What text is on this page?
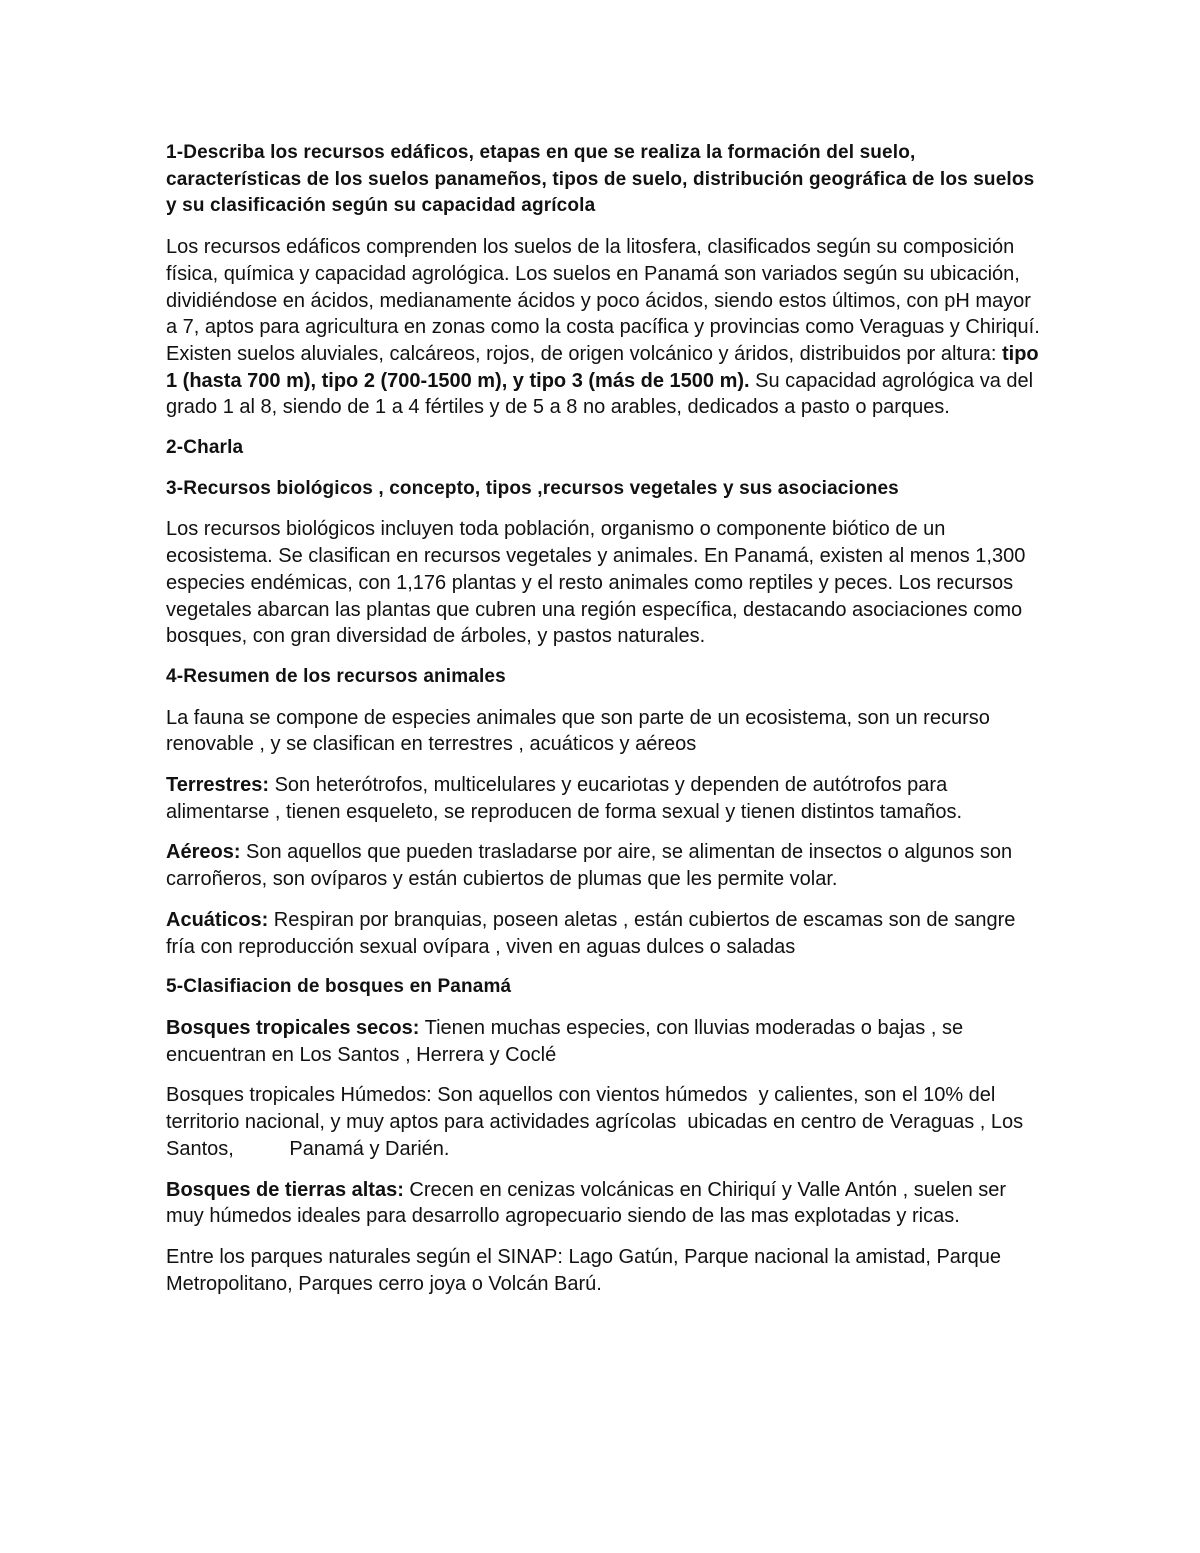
1-Describa los recursos edáficos, etapas en que se realiza la formación del suelo, características de los suelos panameños, tipos de suelo, distribución geográfica de los suelos y su clasificación según su capacidad agrícola

Los recursos edáficos comprenden los suelos de la litosfera, clasificados según su composición física, química y capacidad agrológica. Los suelos en Panamá son variados según su ubicación, dividiéndose en ácidos, medianamente ácidos y poco ácidos, siendo estos últimos, con pH mayor a 7, aptos para agricultura en zonas como la costa pacífica y provincias como Veraguas y Chiriquí. Existen suelos aluviales, calcáreos, rojos, de origen volcánico y áridos, distribuidos por altura: tipo 1 (hasta 700 m), tipo 2 (700-1500 m), y tipo 3 (más de 1500 m). Su capacidad agrológica va del grado 1 al 8, siendo de 1 a 4 fértiles y de 5 a 8 no arables, dedicados a pasto o parques.

2-Charla

3-Recursos biológicos , concepto, tipos ,recursos vegetales y sus asociaciones

Los recursos biológicos incluyen toda población, organismo o componente biótico de un ecosistema. Se clasifican en recursos vegetales y animales. En Panamá, existen al menos 1,300 especies endémicas, con 1,176 plantas y el resto animales como reptiles y peces. Los recursos vegetales abarcan las plantas que cubren una región específica, destacando asociaciones como bosques, con gran diversidad de árboles, y pastos naturales.

4-Resumen de los recursos animales

La fauna se compone de especies animales que son parte de un ecosistema, son un recurso renovable , y se clasifican en terrestres , acuáticos y aéreos

Terrestres: Son heterótrofos, multicelulares y eucariotas y dependen de autótrofos para alimentarse , tienen esqueleto, se reproducen de forma sexual y tienen distintos tamaños.

Aéreos: Son aquellos que pueden trasladarse por aire, se alimentan de insectos o algunos son carroñeros, son ovíparos y están cubiertos de plumas que les permite volar.

Acuáticos: Respiran por branquias, poseen aletas , están cubiertos de escamas son de sangre fría con reproducción sexual ovípara , viven en aguas dulces o saladas

5-Clasifiacion de bosques en Panamá

Bosques tropicales secos: Tienen muchas especies, con lluvias moderadas o bajas , se encuentran en Los Santos , Herrera y Coclé

Bosques tropicales Húmedos: Son aquellos con vientos húmedos  y calientes, son el 10% del territorio nacional, y muy aptos para actividades agrícolas  ubicadas en centro de Veraguas , Los Santos,          Panamá y Darién.

Bosques de tierras altas: Crecen en cenizas volcánicas en Chiriquí y Valle Antón , suelen ser muy húmedos ideales para desarrollo agropecuario siendo de las mas explotadas y ricas.

Entre los parques naturales según el SINAP: Lago Gatún, Parque nacional la amistad, Parque Metropolitano, Parques cerro joya o Volcán Barú.
